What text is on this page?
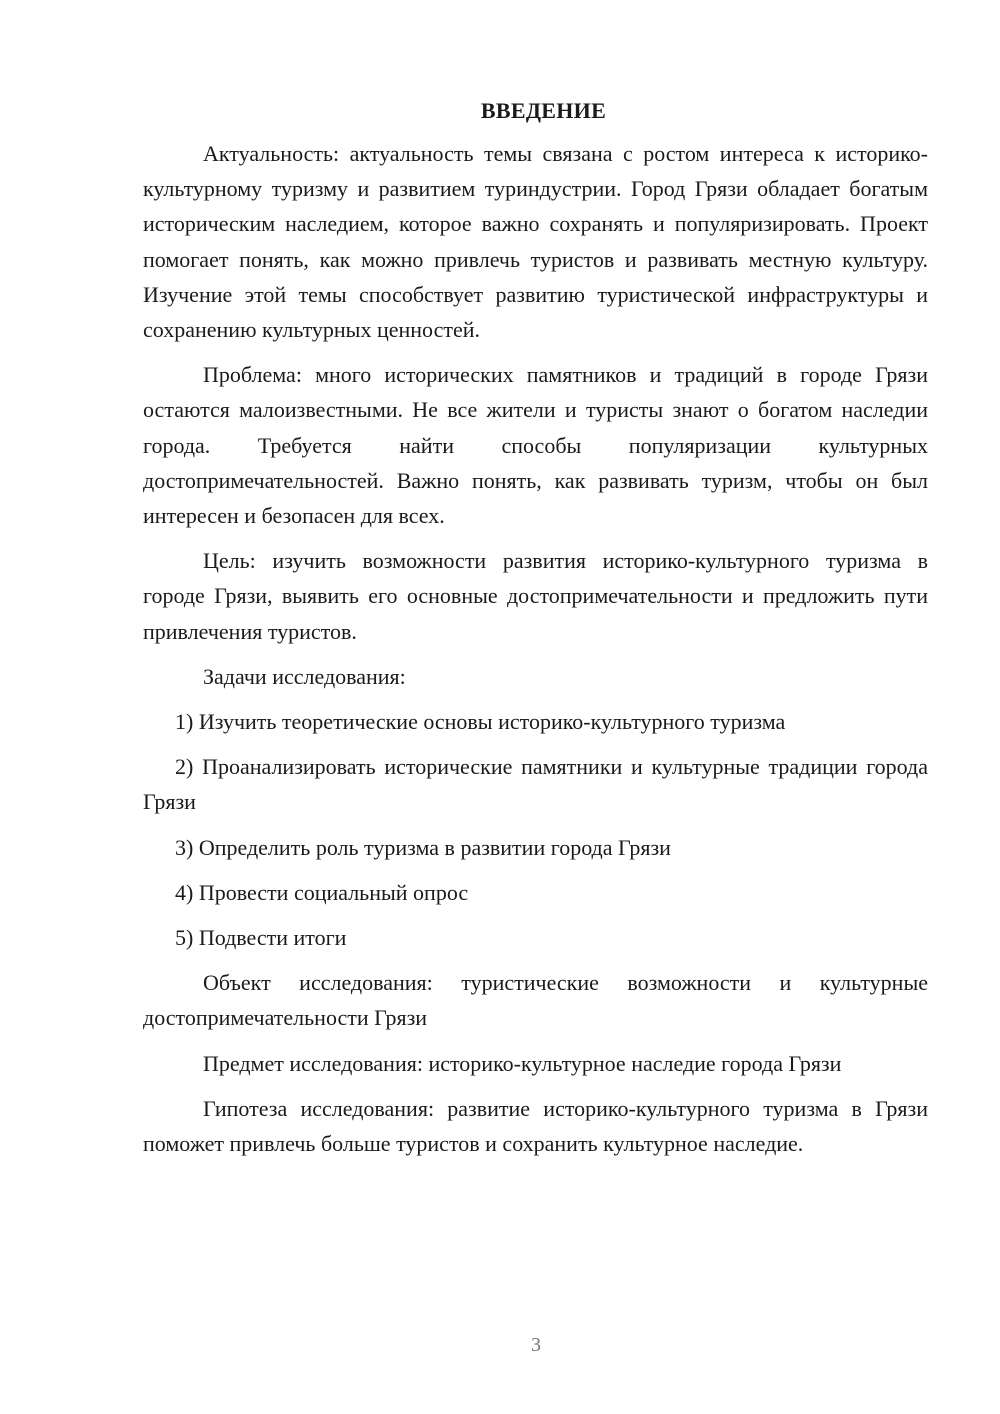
ВВЕДЕНИЕ

Актуальность: актуальность темы связана с ростом интереса к историко-культурному туризму и развитием туриндустрии. Город Грязи обладает богатым историческим наследием, которое важно сохранять и популяризировать. Проект помогает понять, как можно привлечь туристов и развивать местную культуру. Изучение этой темы способствует развитию туристической инфраструктуры и сохранению культурных ценностей.

Проблема: много исторических памятников и традиций в городе Грязи остаются малоизвестными. Не все жители и туристы знают о богатом наследии города. Требуется найти способы популяризации культурных достопримечательностей. Важно понять, как развивать туризм, чтобы он был интересен и безопасен для всех.

Цель: изучить возможности развития историко-культурного туризма в городе Грязи, выявить его основные достопримечательности и предложить пути привлечения туристов.

Задачи исследования:

1) Изучить теоретические основы историко-культурного туризма

2) Проанализировать исторические памятники и культурные традиции города Грязи

3) Определить роль туризма в развитии города Грязи

4) Провести социальный опрос

5) Подвести итоги

Объект исследования: туристические возможности и культурные достопримечательности Грязи

Предмет исследования: историко-культурное наследие города Грязи

Гипотеза исследования: развитие историко-культурного туризма в Грязи поможет привлечь больше туристов и сохранить культурное наследие.

3
